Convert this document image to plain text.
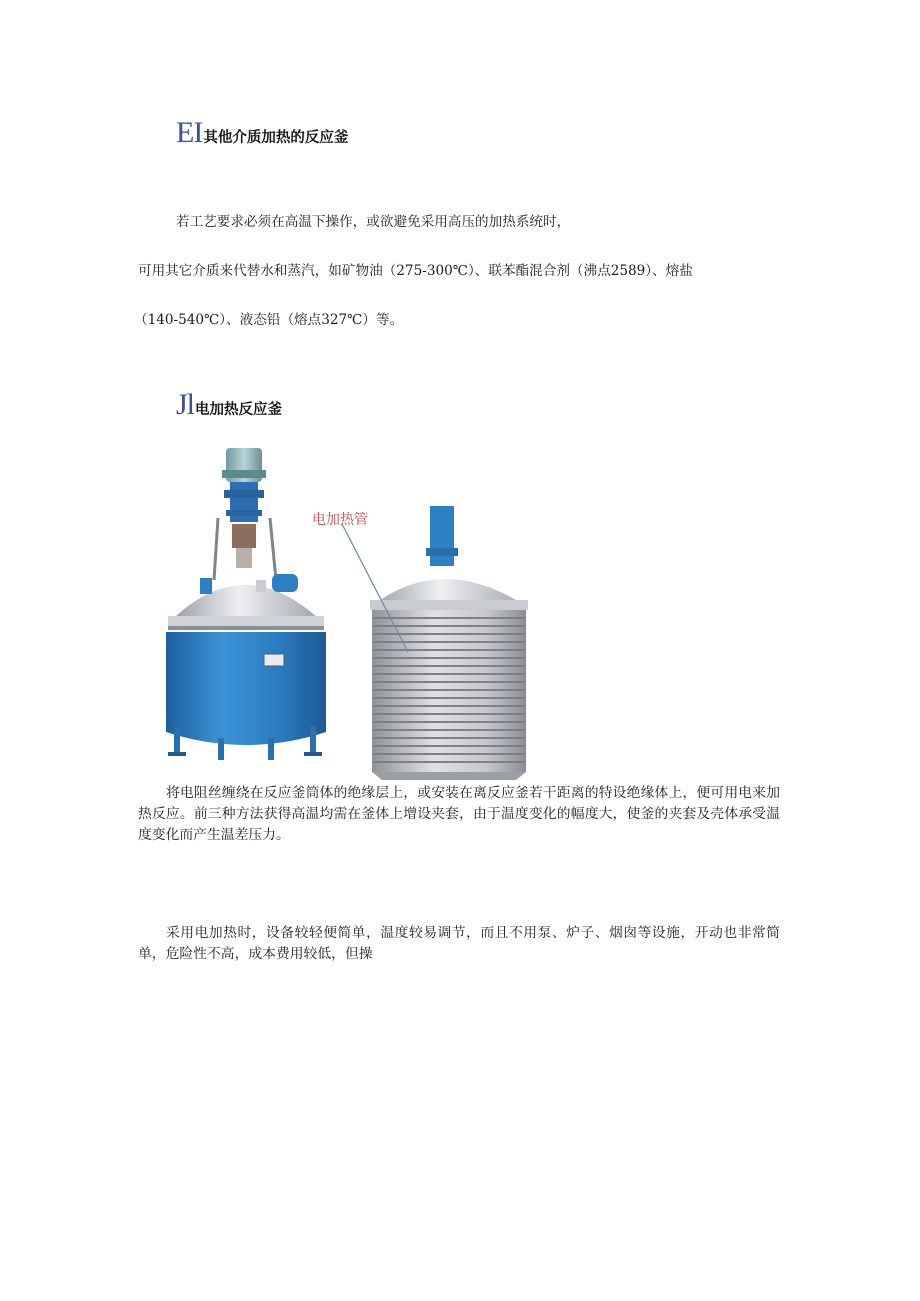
EI 其他介质加热的反应釜
若工艺要求必须在高温下操作，或欲避免采用高压的加热系统时，
可用其它介质来代替水和蒸汽，如矿物油（275-300℃）、联苯酯混合剂（沸点2589）、熔盐
（140-540℃）、液态铅（熔点327℃）等。
Jl 电加热反应釜
电加热管
将电阻丝缠绕在反应釜筒体的绝缘层上，或安装在离反应釜若干距离的特设绝缘体上，便可用电来加热反应。前三种方法获得高温均需在釜体上增设夹套，由于温度变化的幅度大，使釜的夹套及壳体承受温度变化而产生温差压力。
采用电加热时，设备较轻便简单，温度较易调节，而且不用泵、炉子、烟囱等设施，开动也非常简单，危险性不高，成本费用较低，但操
